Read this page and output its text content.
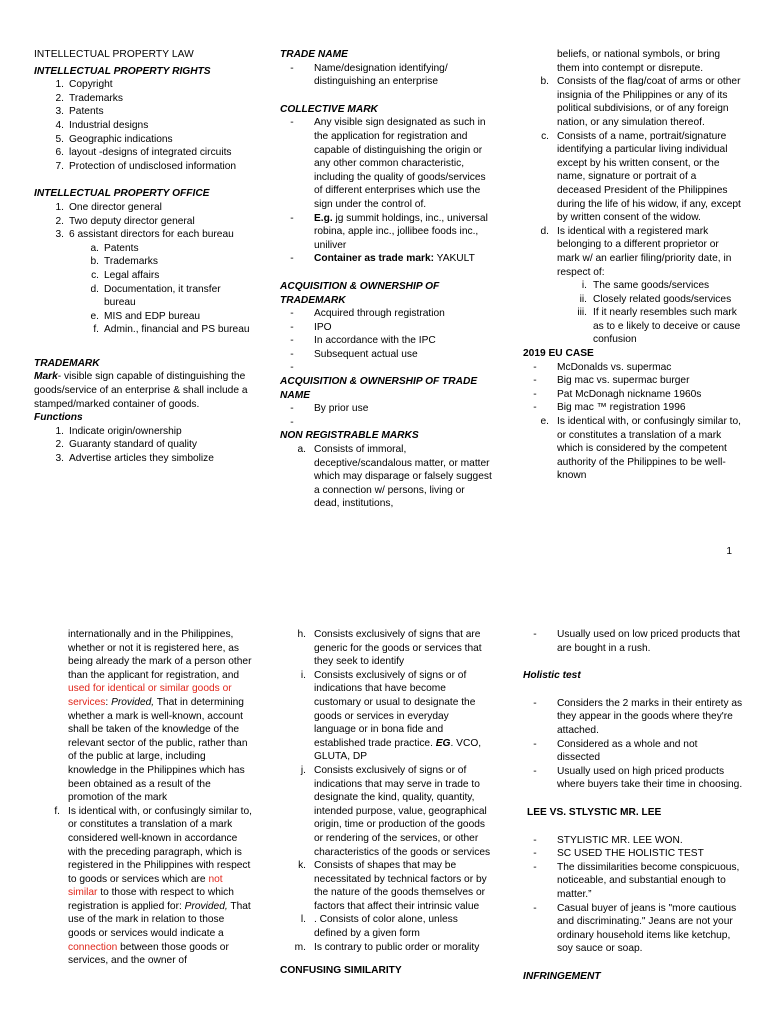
INTELLECTUAL PROPERTY LAW
INTELLECTUAL PROPERTY RIGHTS
1. Copyright
2. Trademarks
3. Patents
4. Industrial designs
5. Geographic indications
6. layout -designs of integrated circuits
7. Protection of undisclosed information
INTELLECTUAL PROPERTY OFFICE
1. One director general
2. Two deputy director general
3. 6 assistant directors for each bureau
a. Patents
b. Trademarks
c. Legal affairs
d. Documentation, it transfer bureau
e. MIS and EDP bureau
f. Admin., financial and PS bureau
TRADEMARK

Mark- visible sign capable of distinguishing the goods/service of an enterprise & shall include a stamped/marked container of goods.

Functions
1. Indicate origin/ownership
2. Guaranty standard of quality
3. Advertise articles they simbolize
TRADE NAME
-	Name/designation identifying/ distinguishing an enterprise
COLLECTIVE MARK
-	Any visible sign designated as such in the application for registration and capable of distinguishing the origin or any other common characteristic, including the quality of goods/services of different enterprises which use the sign under the control of.
-	E.g. jg summit holdings, inc., universal robina, apple inc., jollibee foods inc., uniliver
-	Container as trade mark: YAKULT
ACQUISITION & OWNERSHIP OF TRADEMARK
-	Acquired through registration
-	IPO
-	In accordance with the IPC
-	Subsequent actual use
-
ACQUISITION & OWNERSHIP OF TRADE NAME
-	By prior use
-
NON REGISTRABLE MARKS
a. Consists of immoral, deceptive/scandalous matter, or matter which may disparage or falsely suggest a connection w/ persons, living or dead, institutions,

beliefs, or national symbols, or bring them into contempt or disrepute.

b. Consists of the flag/coat of arms or other insignia of the Philippines or any of its political subdivisions, or of any foreign nation, or any simulation thereof.
c. Consists of a name, portrait/signature identifying a particular living individual except by his written consent, or the name, signature or portrait of a deceased President of the Philippines during the life of his widow, if any, except by written consent of the widow.
d. Is identical with a registered mark belonging to a different proprietor or mark w/ an earlier filing/priority date, in respect of:
i. The same goods/services
ii. Closely related goods/services
iii. If it nearly resembles such mark as to e likely to deceive or cause confusion
2019 EU CASE
-	McDonalds vs. supermac
-	Big mac vs. supermac burger
-	Pat McDonagh nickname 1960s
-	Big mac ™ registration 1996
e. Is identical with, or confusingly similar to, or constitutes a translation of a mark which is considered by the competent authority of the Philippines to be well-known
1

internationally and in the Philippines, whether or not it is registered here, as being already the mark of a person other than the applicant for registration, and used for identical or similar goods or services: Provided, That in determining whether a mark is well-known, account shall be taken of the knowledge of the relevant sector of the public, rather than of the public at large, including knowledge in the Philippines which has been obtained as a result of the promotion of the mark

f. Is identical with, or confusingly similar to, or constitutes a translation of a mark considered well-known in accordance with the preceding paragraph, which is registered in the Philippines with respect to goods or services which are not similar to those with respect to which registration is applied for: Provided, That use of the mark in relation to those goods or services would indicate a connection between those goods or services, and the owner of
h. Consists exclusively of signs that are generic for the goods or services that they seek to identify
i. Consists exclusively of signs or of indications that have become customary or usual to designate the goods or services in everyday language or in bona fide and established trade practice. EG. VCO, GLUTA, DP
j. Consists exclusively of signs or of indications that may serve in trade to designate the kind, quality, quantity, intended purpose, value, geographical origin, time or production of the goods or rendering of the services, or other characteristics of the goods or services
k. Consists of shapes that may be necessitated by technical factors or by the nature of the goods themselves or factors that affect their intrinsic value
l. . Consists of color alone, unless defined by a given form
m. Is contrary to public order or morality
CONFUSING SIMILARITY
-	Usually used on low priced products that are bought in a rush.
Holistic test
-	Considers the 2 marks in their entirety as they appear in the goods where they're attached.
-	Considered as a whole and not dissected
-	Usually used on high priced products where buyers take their time in choosing.
LEE VS. STLYSTIC MR. LEE
-	STYLISTIC MR. LEE WON.
-	SC USED THE HOLISTIC TEST
-	The dissimilarities become conspicuous, noticeable, and substantial enough to matter.”
-	Casual buyer of jeans is "more cautious and discriminating." Jeans are not your ordinary household items like ketchup, soy sauce or soap.
INFRINGEMENT
